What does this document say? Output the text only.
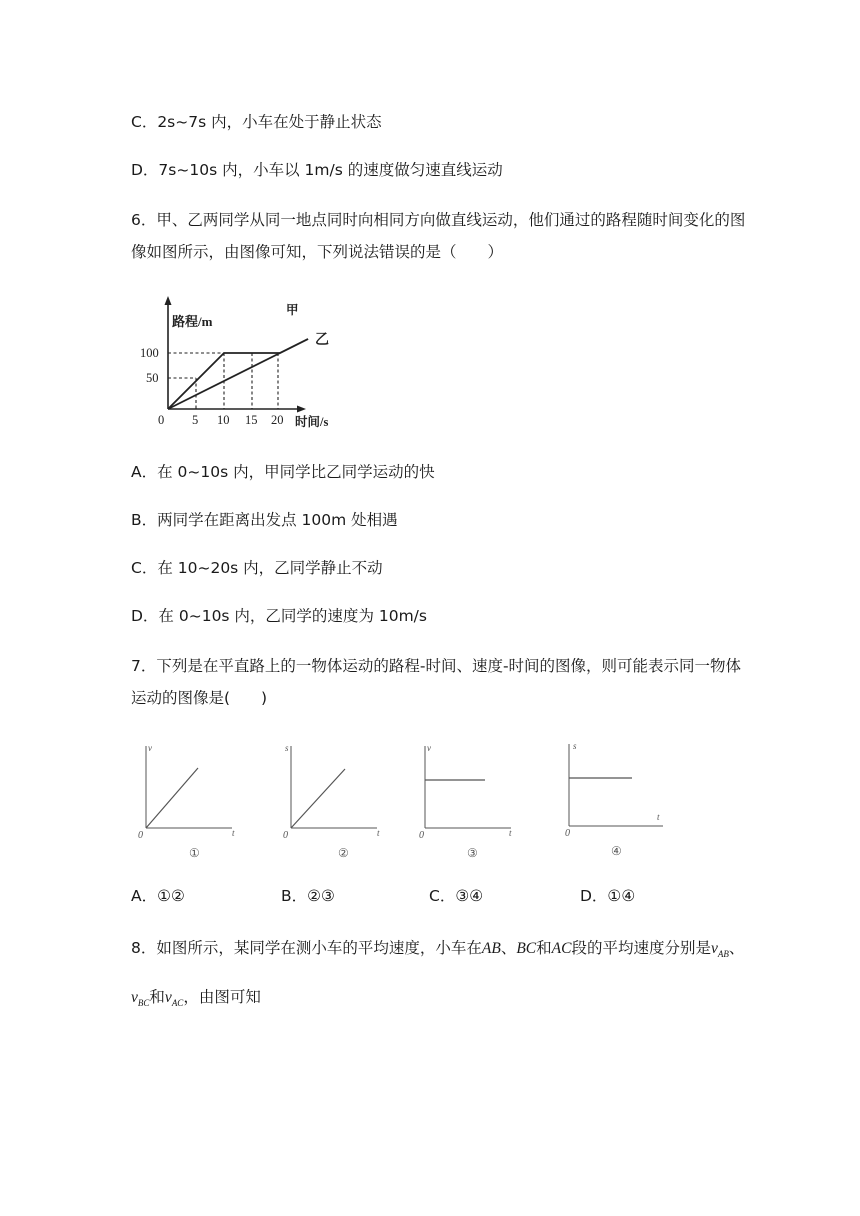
C．2s~7s 内，小车在处于静止状态
D．7s~10s 内，小车以 1m/s 的速度做匀速直线运动
6．甲、乙两同学从同一地点同时向相同方向做直线运动，他们通过的路程随时间变化的图
像如图所示，由图像可知，下列说法错误的是（　　）
路程/m
100
50
0 5 10 15 20 时间/s
甲
乙
A．在 0~10s 内，甲同学比乙同学运动的快
B．两同学在距离出发点 100m 处相遇
C．在 10~20s 内，乙同学静止不动
D．在 0~10s 内，乙同学的速度为 10m/s
7．下列是在平直路上的一物体运动的路程-时间、速度-时间的图像，则可能表示同一物体
运动的图像是(　　)
v
t
0
①
s
t
0
②
v
t
0
③
s
t
0
④
A．①②	B．②③	C．③④	D．①④
8．如图所示，某同学在测小车的平均速度，小车在AB、BC和AC段的平均速度分别是$v_{AB}$、
$v_{BC}$和$v_{AC}$，由图可知
